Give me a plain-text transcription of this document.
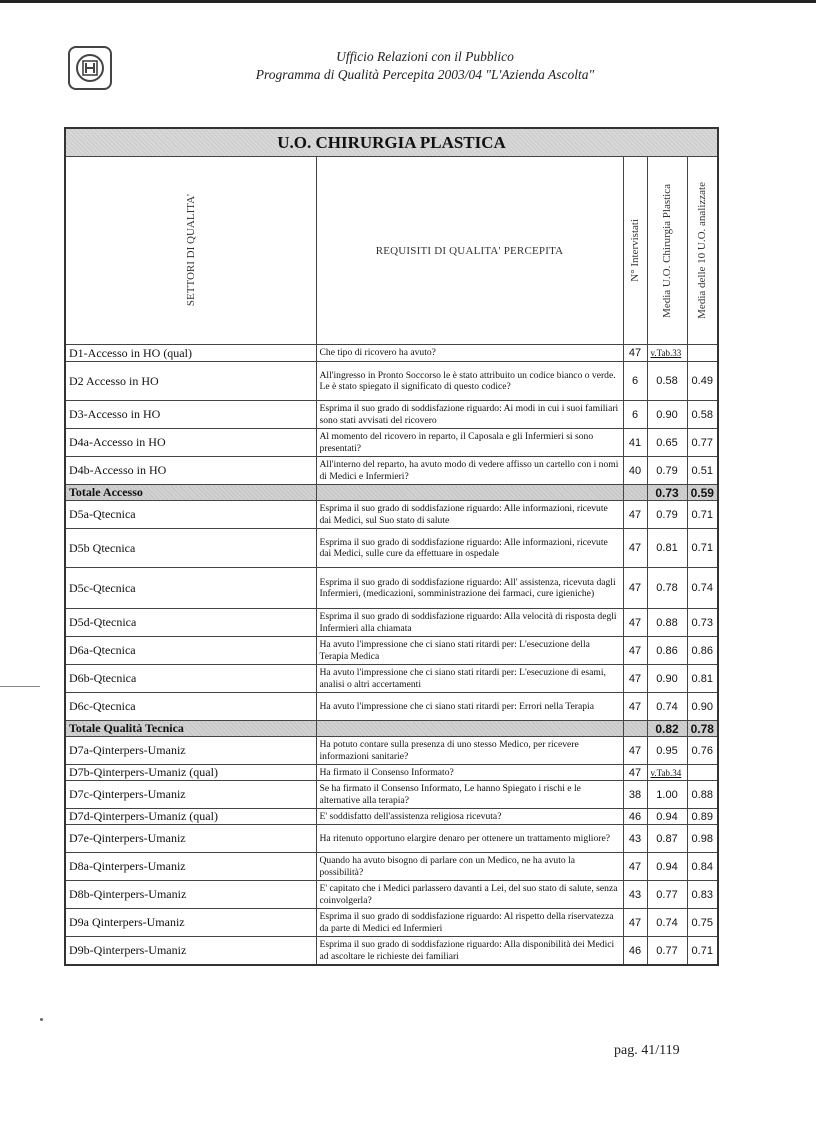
Ufficio Relazioni con il Pubblico
Programma di Qualità Percepita 2003/04 "L'Azienda Ascolta"
U.O. CHIRURGIA PLASTICA				

SETTORI DI QUALITA'	REQUISITI DI QUALITA' PERCEPITA	N° Intervistati	Media U.O. Chirurgia Plastica	Media delle 10 U.O. analizzate

D1-Accesso in HO (qual)	Che tipo di ricovero ha avuto?	47	v.Tab.33	
D2 Accesso in HO	All'ingresso in Pronto Soccorso le è stato attribuito un codice bianco o verde. Le è stato spiegato il significato di questo codice?	6	0.58	0.49
D3-Accesso in HO	Esprima il suo grado di soddisfazione riguardo: Ai modi in cui i suoi familiari sono stati avvisati del ricovero	6	0.90	0.58
D4a-Accesso in HO	Al momento del ricovero in reparto, il Caposala e gli Infermieri si sono presentati?	41	0.65	0.77
D4b-Accesso in HO	All'interno del reparto, ha avuto modo di vedere affisso un cartello con i nomi di Medici e Infermieri?	40	0.79	0.51
Totale Accesso			0.73	0.59
D5a-Qtecnica	Esprima il suo grado di soddisfazione riguardo: Alle informazioni, ricevute dai Medici, sul Suo stato di salute	47	0.79	0.71
D5b Qtecnica	Esprima il suo grado di soddisfazione riguardo: Alle informazioni, ricevute dai Medici, sulle cure da effettuare in ospedale	47	0.81	0.71
D5c-Qtecnica	Esprima il suo grado di soddisfazione riguardo: All' assistenza, ricevuta dagli Infermieri, (medicazioni, somministrazione dei farmaci, cure igieniche)	47	0.78	0.74
D5d-Qtecnica	Esprima il suo grado di soddisfazione riguardo: Alla velocità di risposta degli Infermieri alla chiamata	47	0.88	0.73
D6a-Qtecnica	Ha avuto l'impressione che ci siano stati ritardi per: L'esecuzione della Terapia Medica	47	0.86	0.86
D6b-Qtecnica	Ha avuto l'impressione che ci siano stati ritardi per: L'esecuzione di esami, analisi o altri accertamenti	47	0.90	0.81
D6c-Qtecnica	Ha avuto l'impressione che ci siano stati ritardi per: Errori nella Terapia	47	0.74	0.90
Totale Qualità Tecnica			0.82	0.78
D7a-Qinterpers-Umaniz	Ha potuto contare sulla presenza di uno stesso Medico, per ricevere informazioni sanitarie?	47	0.95	0.76
D7b-Qinterpers-Umaniz (qual)	Ha firmato il Consenso Informato?	47	v.Tab.34	
D7c-Qinterpers-Umaniz	Se ha firmato il Consenso Informato, Le hanno Spiegato i rischi e le alternative alla terapia?	38	1.00	0.88
D7d-Qinterpers-Umaniz (qual)	E' soddisfatto dell'assistenza religiosa ricevuta?	46	0.94	0.89
D7e-Qinterpers-Umaniz	Ha ritenuto opportuno elargire denaro per ottenere un trattamento migliore?	43	0.87	0.98
D8a-Qinterpers-Umaniz	Quando ha avuto bisogno di parlare con un Medico, ne ha avuto la possibilità?	47	0.94	0.84
D8b-Qinterpers-Umaniz	E' capitato che i Medici parlassero davanti a Lei, del suo stato di salute, senza coinvolgerla?	43	0.77	0.83
D9a Qinterpers-Umaniz	Esprima il suo grado di soddisfazione riguardo: Al rispetto della riservatezza da parte di Medici ed Infermieri	47	0.74	0.75
D9b-Qinterpers-Umaniz	Esprima il suo grado di soddisfazione riguardo: Alla disponibilità dei Medici ad ascoltare le richieste dei familiari	46	0.77	0.71
pag. 41/119
